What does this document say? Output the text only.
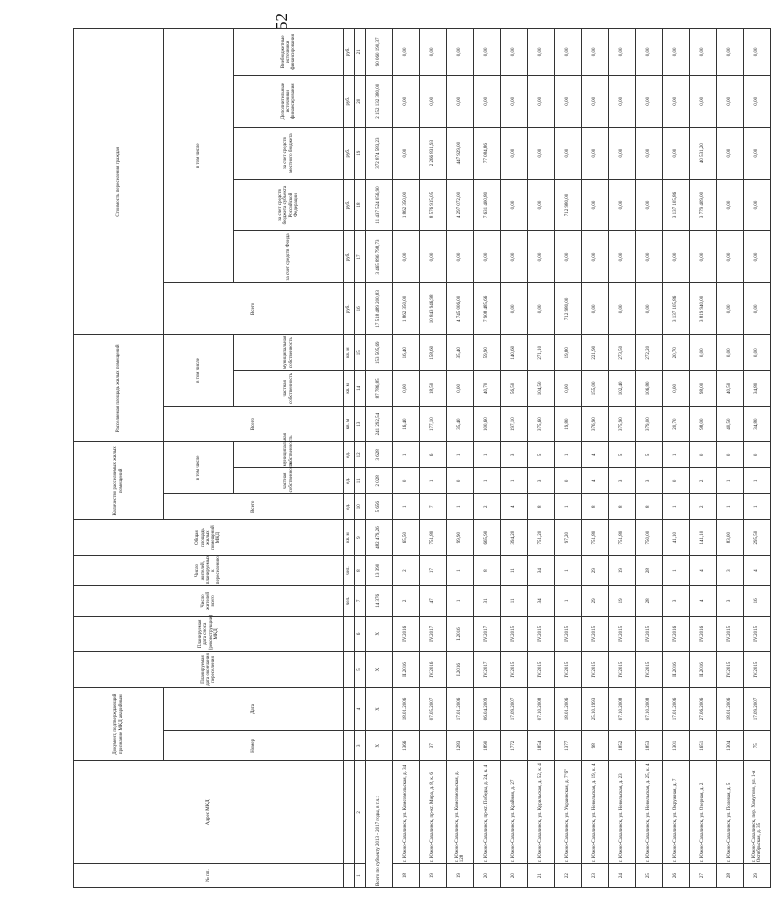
52
№ пп.	Адрес МКД	Документ, подтверждающий признание МКД аварийным		Планируемая дата окончания переселения	Планируемая дата сноса (реконструкции) МКД	Число жителей всего	Число жителей, планируемых к переселению	Общая площадь жилых помещений МКД	Количество расселяемых жилых помещений			Расселяемая площадь жилых помещений			Стоимость переселения граждан					
		Номер	Дата						Всего	в том числе		Всего	в том числе		Всего	в том числе				
										частная собственность	муниципальная собственность		частная собственность	муниципальная собственность		за счет средств Фонда	за счет средств бюджета субъекта Российской Федерации	за счет средств местного бюджета	Дополнительные источники финансирования	Внебюджетные источники финансирования
						чел.	чел.	кв. м	ед.	ед.	ед.	кв. м	кв. м	кв. м	руб.	руб.	руб.	руб.	руб.	руб.
1	2	3	4	5	6	7	8	9	10	11	12	13	14	15	16	17	18	19	20	21
Всего по субъекту 2013 - 2017 годы, в т.ч.:		X	X	X	X	14 376	13 390	482 479,26	5 656	2 028	3 628	241 292,54	87 786,85	153 505,69	17 518 489 200,83	3 465 896 798,73	11 437 524 056,90	372 874 583,23	2 152 132 380,00	90 060 190,37
18	г. Южно-Сахалинск, ул. Комсомольская, д. 34	1366	18.01.2006	II.2016	IV.2016	2	2	65,50	1	0	1	16,40	0,00	16,40	1 862 350,00	0,00	1 862 350,00	0,00	0,00	0,00
19	г. Южно-Сахалинск, пр-кт. Мира, д. 8, к. 6	37	07.05.2007	IV.2016	IV.2017	47	17	751,80	7	1	6	177,10	18,50	158,60	10 843 946,98	0,00	8 576 915,05	2 266 831,93	0,00	0,00
19	г. Южно-Сахалинск, ул. Комсомольская, д. 128	1283	17.01.2006	I.2016	I.2016	1	1	99,90	1	0	1	35,40	0,00	35,40	4 745 006,00	0,00	4 297 072,00	447 929,00	0,00	0,00
20	г. Южно-Сахалинск, пр-кт. Победы, д. 24, к. 4	1890	06.04.2009	IV.2017	IV.2017	31	8	665,90	2	1	1	100,60	40,70	59,90	7 908 485,66	0,00	7 631 400,80	77 084,86	0,00	0,00
20	г. Южно-Сахалинск, ул. Крайняя, д. 27	1772	17.09.2007	IV.2015	IV.2015	11	11	394,20	4	1	3	197,10	56,50	140,60	0,00	0,00	0,00	0,00	0,00	0,00
21	г. Южно-Сахалинск, ул. Курильская, д. 52, к. 4	1854	07.10.2008	IV.2015	IV.2015	34	34	751,20	8	3	5	375,60	104,50	271,10	0,00	0,00	0,00	0,00	0,00	0,00
22	г. Южно-Сахалинск, ул. Украинская, д. 7"б"	1377	18.01.2006	IV.2015	IV.2015	1	1	97,20	1	0	1	19,80	0,00	19,80	712 980,00	0,00	712 980,00	0,00	0,00	0,00
23	г. Южно-Сахалинск, ул. Невельская, д. 19, к. 4	98	25.10.1993	IV.2015	IV.2015	29	29	751,80	8	4	4	376,90	155,00	221,90	0,00	0,00	0,00	0,00	0,00	0,00
24	г. Южно-Сахалинск, ул. Невельская, д. 23	1852	07.10.2008	IV.2015	IV.2015	19	19	751,80	8	3	5	375,90	102,40	273,50	0,00	0,00	0,00	0,00	0,00	0,00
25	г. Южно-Сахалинск, ул. Невельская, д. 25, к. 4	1853	07.10.2008	IV.2015	IV.2015	28	28	750,00	8	3	5	379,00	106,80	272,20	0,00	0,00	0,00	0,00	0,00	0,00
26	г. Южно-Сахалинск, ул. Окружная, д. 7	1301	17.01.2006	II.2016	IV.2016	3	1	41,10	1	0	1	20,70	0,00	20,70	3 137 105,86	0,00	3 137 105,86	0,00	0,00	0,00
27	г. Южно-Сахалинск, ул. Озерная, д. 2	1651	27.06.2006	II.2016	IV.2016	4	4	141,10	2	2	0	98,00	98,00	0,00	3 819 940,00	0,00	3 779 409,00	40 531,20	0,00	0,00
28	г. Южно-Сахалинск, ул. Полевая, д. 5	1304	18.01.2006	IV.2015	IV.2015	3	3	83,00	1	1	0	40,50	40,50	0,00	0,00	0,00	0,00	0,00	0,00	0,00
29	г. Южно-Сахалинск, пер. Хомутово, ул. 1-я Октябрьская, д. 35	75	17.09.2007	IV.2015	IV.2015	16	4	295,50	1	1	0	34,80	34,80	0,00	0,00	0,00	0,00	0,00	0,00	0,00
